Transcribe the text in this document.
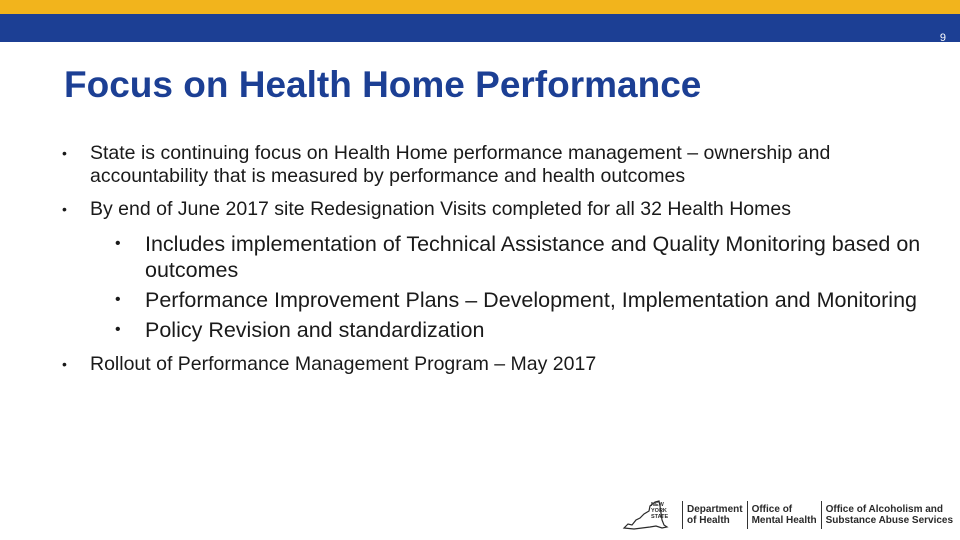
9
Focus on Health Home Performance
•	State is continuing focus on Health Home performance management – ownership and accountability that is measured by performance and health outcomes
•	By end of June 2017 site Redesignation Visits completed for all 32 Health Homes
•	Includes implementation of Technical Assistance and Quality Monitoring based on outcomes
•	Performance Improvement Plans – Development, Implementation and Monitoring
•	Policy Revision and standardization
•	Rollout of Performance Management Program – May 2017
NEW
YORK
STATE
Department
of Health
Office of
Mental Health
Office of Alcoholism and
Substance Abuse Services
